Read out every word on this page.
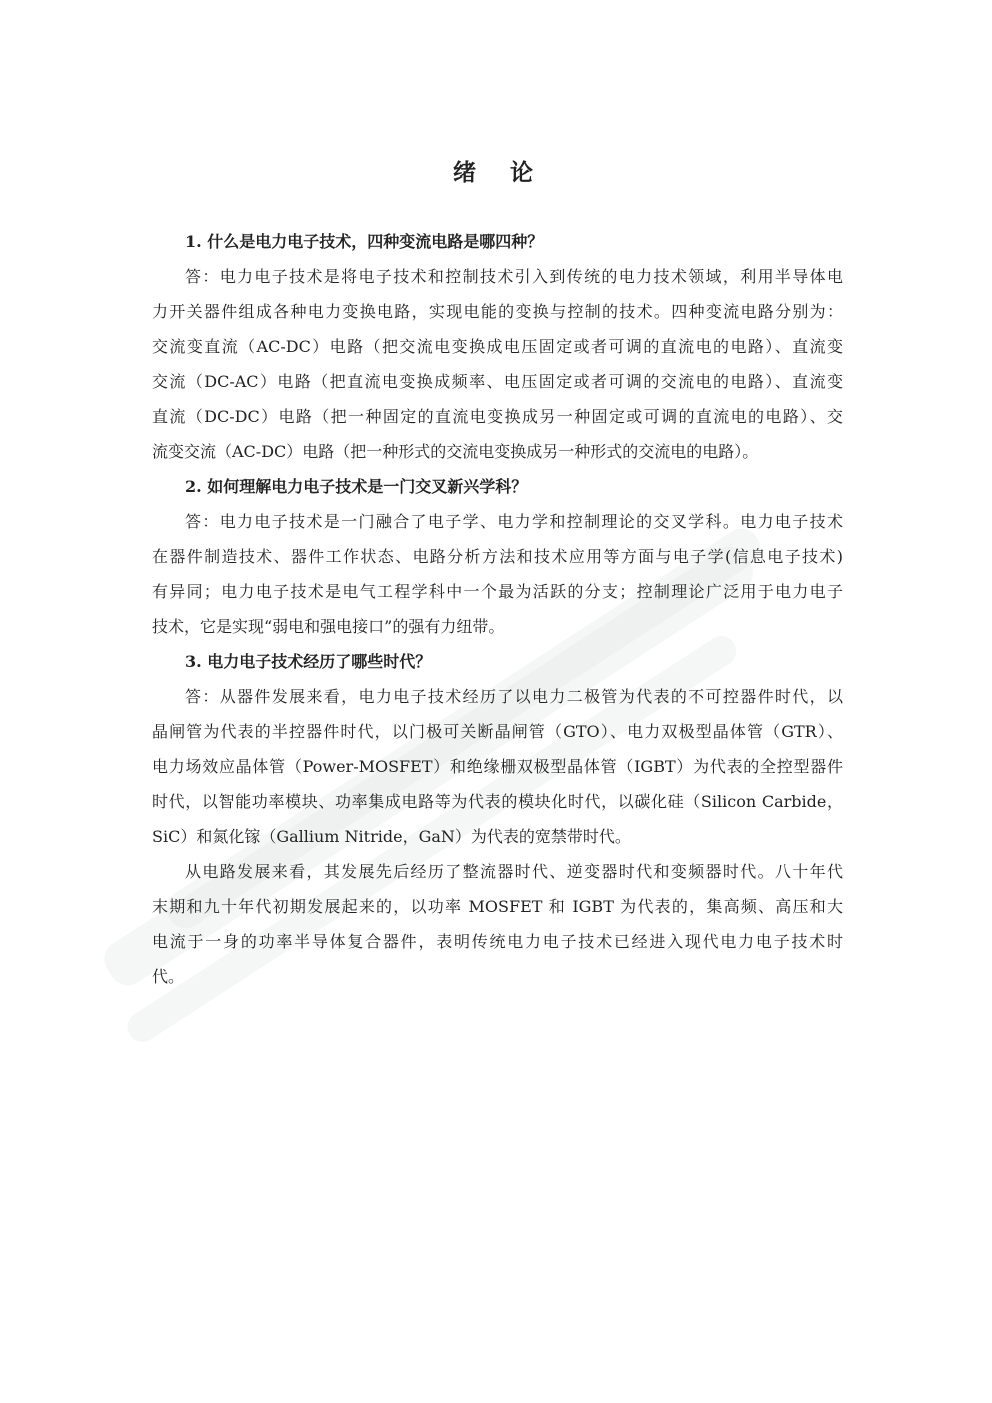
绪 论
1. 什么是电力电子技术，四种变流电路是哪四种？
答：电力电子技术是将电子技术和控制技术引入到传统的电力技术领域，利用半导体电
力开关器件组成各种电力变换电路，实现电能的变换与控制的技术。四种变流电路分别为：
交流变直流（AC-DC）电路（把交流电变换成电压固定或者可调的直流电的电路）、直流变
交流（DC-AC）电路（把直流电变换成频率、电压固定或者可调的交流电的电路）、直流变
直流（DC-DC）电路（把一种固定的直流电变换成另一种固定或可调的直流电的电路）、交
流变交流（AC-DC）电路（把一种形式的交流电变换成另一种形式的交流电的电路）。
2. 如何理解电力电子技术是一门交叉新兴学科？
答：电力电子技术是一门融合了电子学、电力学和控制理论的交叉学科。电力电子技术
在器件制造技术、器件工作状态、电路分析方法和技术应用等方面与电子学(信息电子技术)
有异同；电力电子技术是电气工程学科中一个最为活跃的分支；控制理论广泛用于电力电子
技术，它是实现“弱电和强电接口”的强有力纽带。
3. 电力电子技术经历了哪些时代？
答：从器件发展来看，电力电子技术经历了以电力二极管为代表的不可控器件时代，以
晶闸管为代表的半控器件时代，以门极可关断晶闸管（GTO）、电力双极型晶体管（GTR）、
电力场效应晶体管（Power-MOSFET）和绝缘栅双极型晶体管（IGBT）为代表的全控型器件
时代，以智能功率模块、功率集成电路等为代表的模块化时代，以碳化硅（Silicon Carbide，
SiC）和氮化镓（Gallium Nitride，GaN）为代表的宽禁带时代。
从电路发展来看，其发展先后经历了整流器时代、逆变器时代和变频器时代。八十年代
末期和九十年代初期发展起来的，以功率 MOSFET 和 IGBT 为代表的，集高频、高压和大
电流于一身的功率半导体复合器件，表明传统电力电子技术已经进入现代电力电子技术时
代。
